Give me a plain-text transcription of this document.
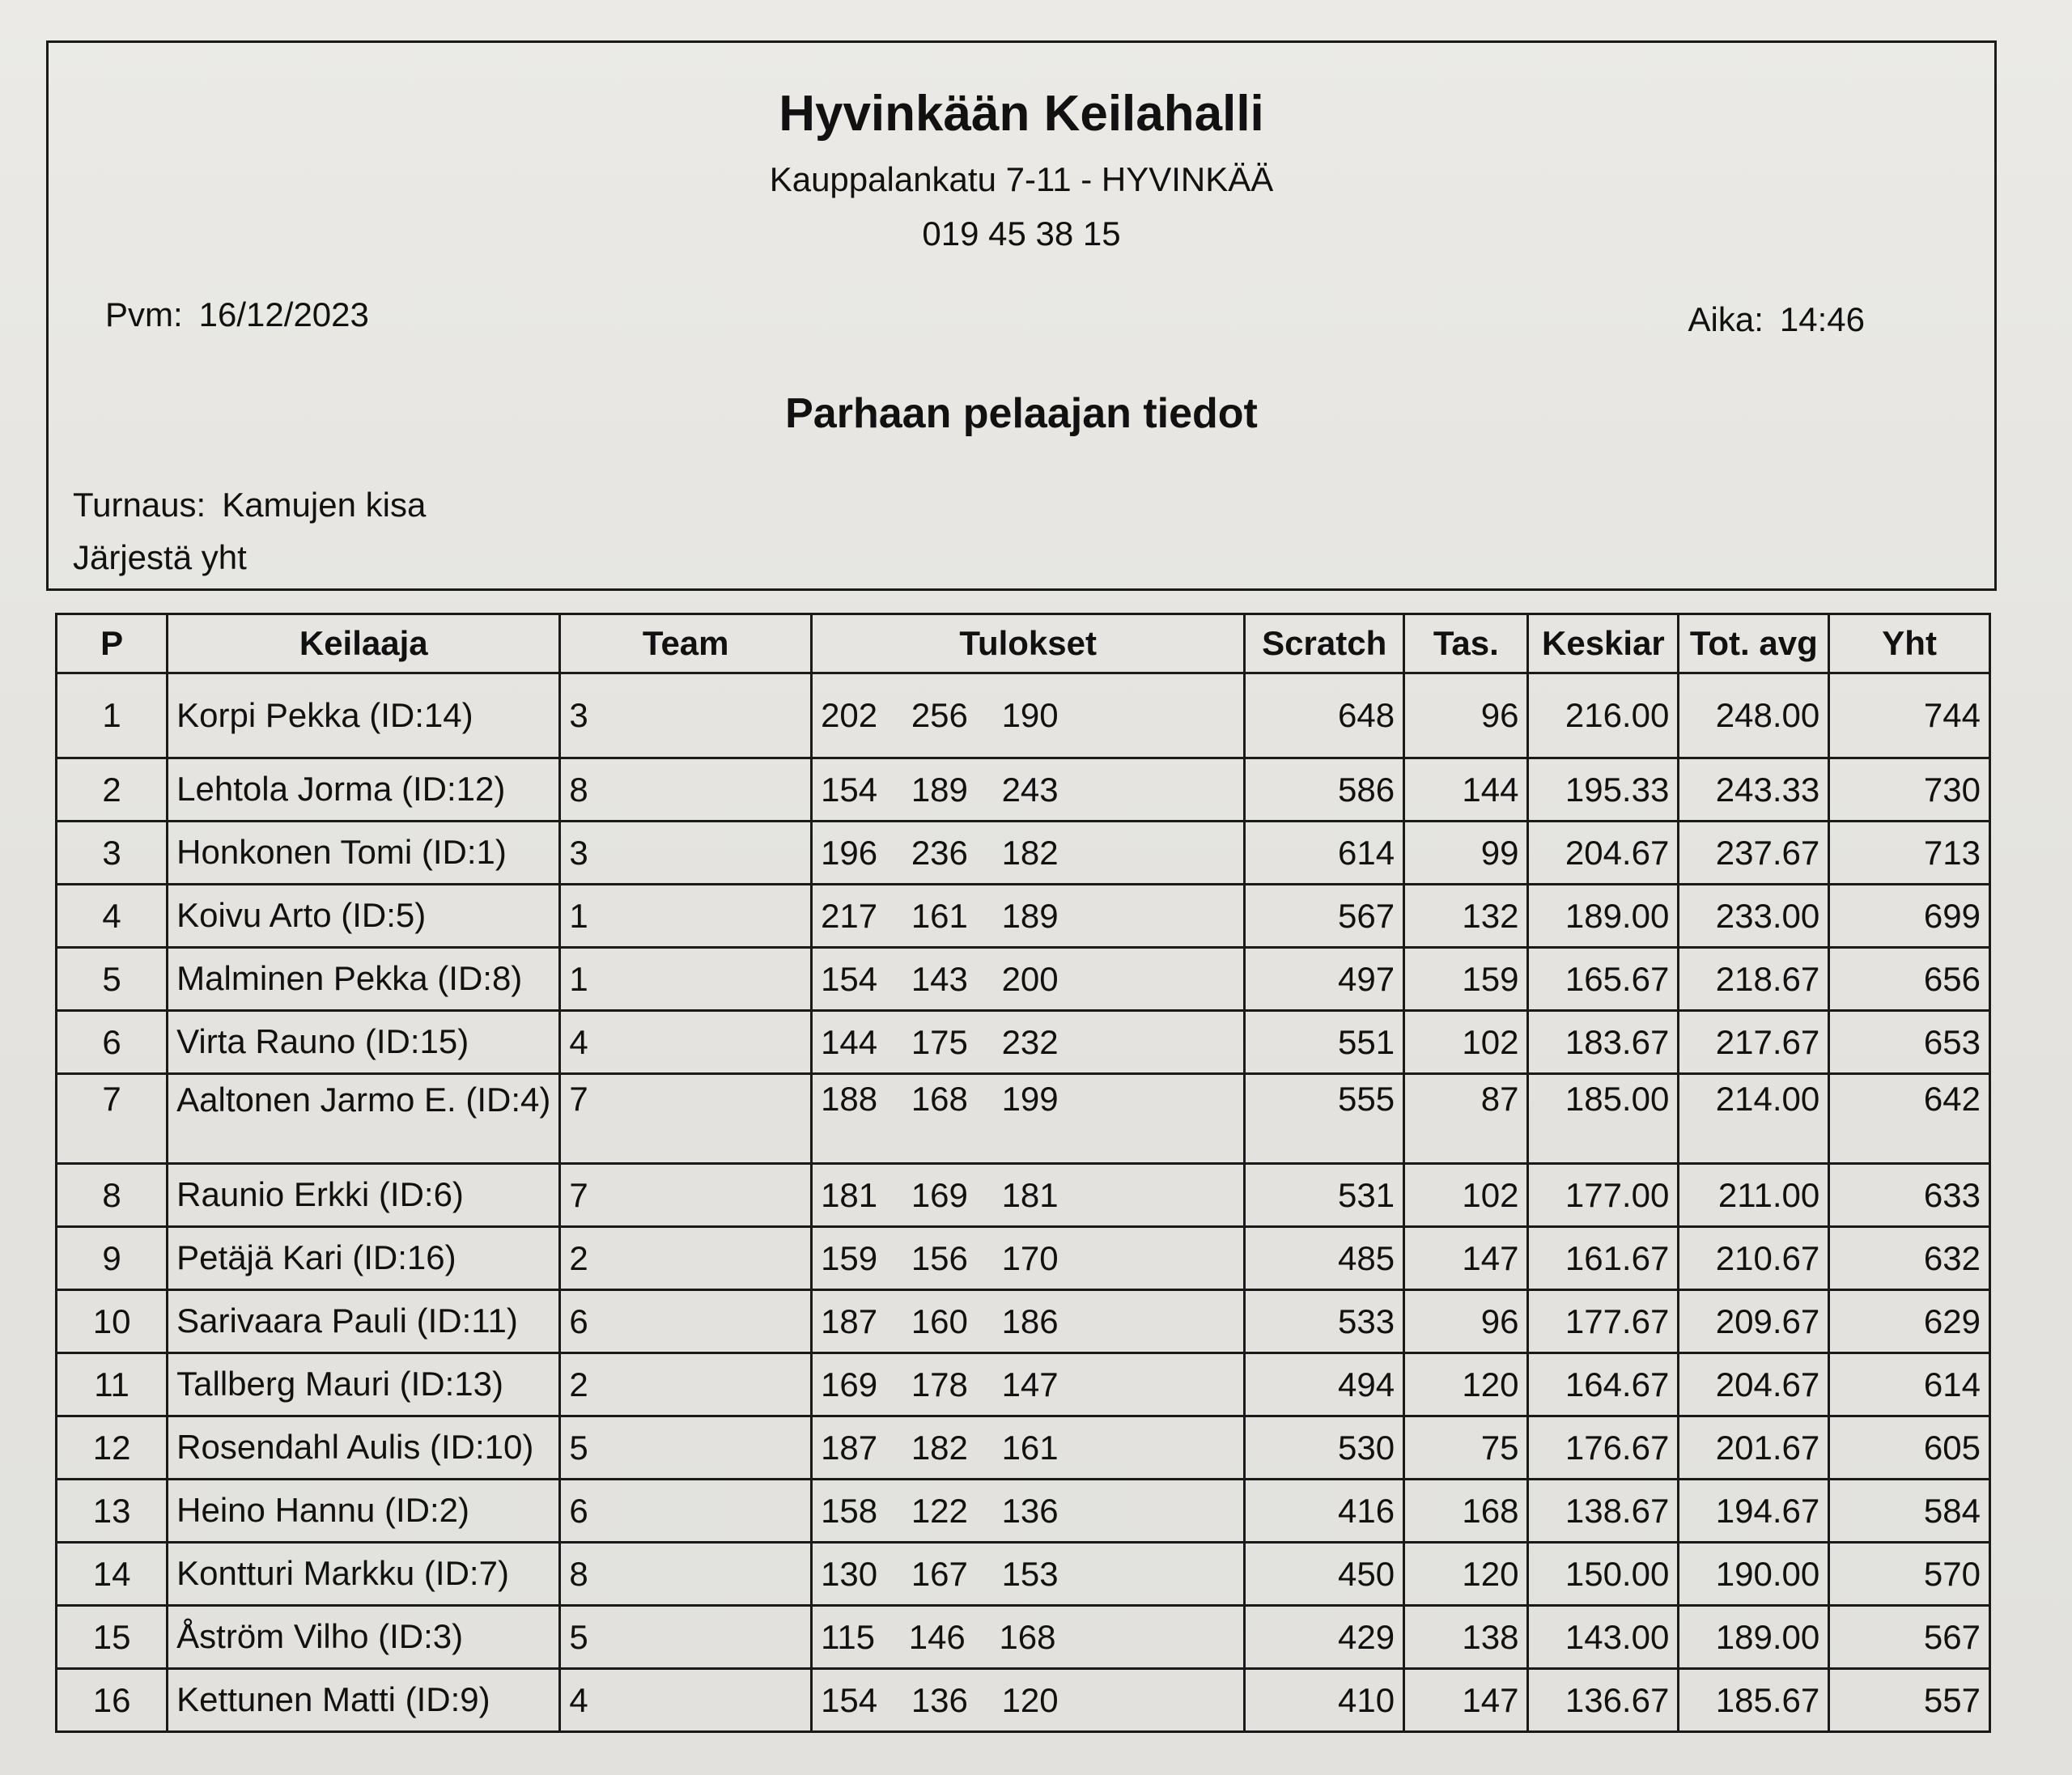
Hyvinkään Keilahalli
Kauppalankatu 7-11 - HYVINKÄÄ
019 45 38 15
Pvm: 16/12/2023	Aika: 14:46
Parhaan pelaajan tiedot
Turnaus: Kamujen kisa
Järjestä yht
P	Keilaaja	Team	Tulokset	Scratch	Tas.	Keskiar	Tot. avg	Yht
1	Korpi Pekka (ID:14)	3	202 256 190	648	96	216.00	248.00	744
2	Lehtola Jorma (ID:12)	8	154 189 243	586	144	195.33	243.33	730
3	Honkonen Tomi (ID:1)	3	196 236 182	614	99	204.67	237.67	713
4	Koivu Arto (ID:5)	1	217 161 189	567	132	189.00	233.00	699
5	Malminen Pekka (ID:8)	1	154 143 200	497	159	165.67	218.67	656
6	Virta Rauno (ID:15)	4	144 175 232	551	102	183.67	217.67	653
7	Aaltonen Jarmo E. (ID:4)	7	188 168 199	555	87	185.00	214.00	642
8	Raunio Erkki (ID:6)	7	181 169 181	531	102	177.00	211.00	633
9	Petäjä Kari (ID:16)	2	159 156 170	485	147	161.67	210.67	632
10	Sarivaara Pauli (ID:11)	6	187 160 186	533	96	177.67	209.67	629
11	Tallberg Mauri (ID:13)	2	169 178 147	494	120	164.67	204.67	614
12	Rosendahl Aulis (ID:10)	5	187 182 161	530	75	176.67	201.67	605
13	Heino Hannu (ID:2)	6	158 122 136	416	168	138.67	194.67	584
14	Kontturi Markku (ID:7)	8	130 167 153	450	120	150.00	190.00	570
15	Åström Vilho (ID:3)	5	115 146 168	429	138	143.00	189.00	567
16	Kettunen Matti (ID:9)	4	154 136 120	410	147	136.67	185.67	557
